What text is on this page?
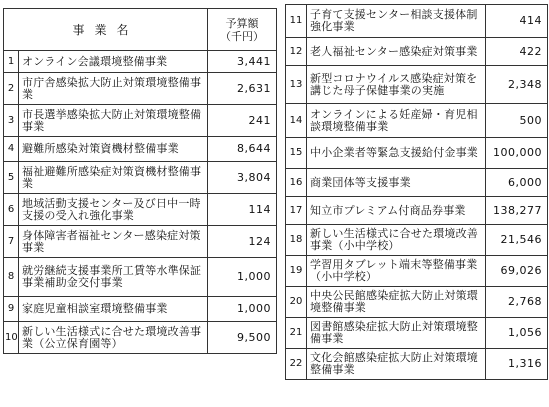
事業名		予算額
（千円）
1	オンライン会議環境整備事業	3,441
2	市庁舎感染拡大防止対策環境整備事業	2,631
3	市長選挙感染拡大防止対策環境整備事業	241
4	避難所感染対策資機材整備事業	8,644
5	福祉避難所感染症対策資機材整備事業	3,804
6	地域活動支援センター及び日中一時支援の受入れ強化事業	114
7	身体障害者福祉センター感染症対策事業	124
8	就労継続支援事業所工賃等水準保証事業補助金交付事業	1,000
9	家庭児童相談室環境整備事業	1,000
10	新しい生活様式に合せた環境改善事業（公立保育園等）	9,500
11	子育て支援センター相談支援体制強化事業	414
12	老人福祉センター感染症対策事業	422
13	新型コロナウイルス感染症対策を講じた母子保健事業の実施	2,348
14	オンラインによる妊産婦・育児相談環境整備事業	500
15	中小企業者等緊急支援給付金事業	100,000
16	商業団体等支援事業	6,000
17	知立市プレミアム付商品券事業	138,277
18	新しい生活様式に合せた環境改善事業（小中学校）	21,546
19	学習用タブレット端末等整備事業（小中学校）	69,026
20	中央公民館感染症拡大防止対策環境整備事業	2,768
21	図書館感染症拡大防止対策環境整備事業	1,056
22	文化会館感染症拡大防止対策環境整備事業	1,316
